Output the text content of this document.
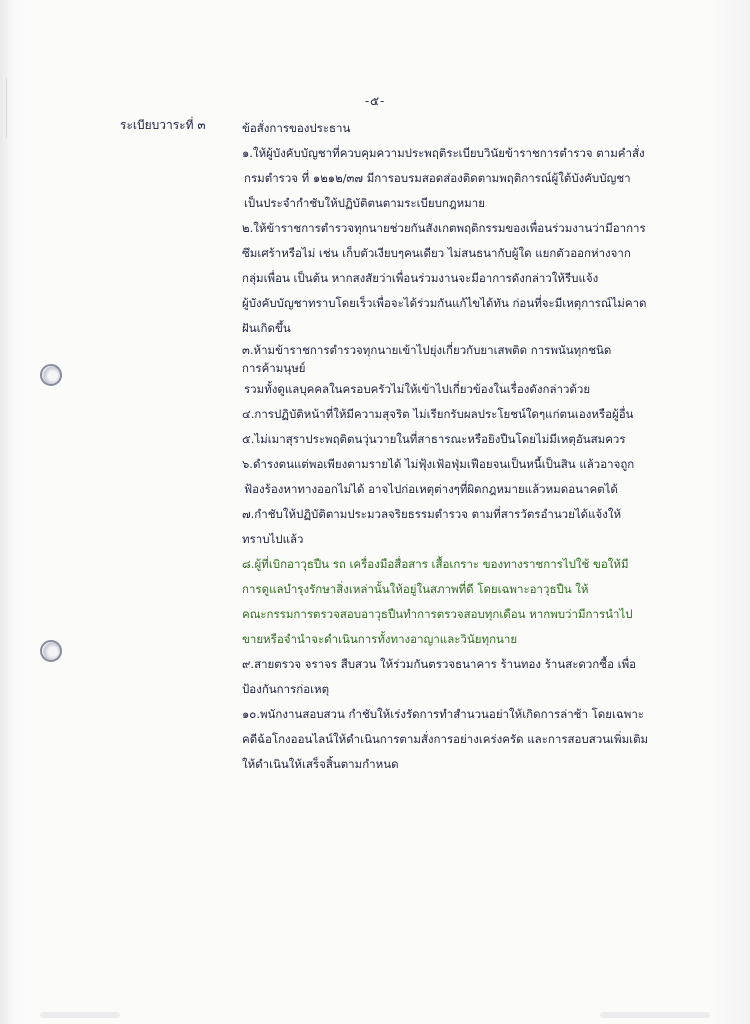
-๕-
ระเบียบวาระที่ ๓	ข้อสั่งการของประธาน
๑.ให้ผู้บังคับบัญชาที่ควบคุมความประพฤติระเบียบวินัยข้าราชการตำรวจ ตามคำสั่ง
กรมตำรวจ ที่ ๑๒๑๒/๓๗ มีการอบรมสอดส่องติดตามพฤติการณ์ผู้ใต้บังคับบัญชา
เป็นประจำกำชับให้ปฏิบัติตนตามระเบียบกฎหมาย
๒.ให้ข้าราชการตำรวจทุกนายช่วยกันสังเกตพฤติกรรมของเพื่อนร่วมงานว่ามีอาการ
ซึมเศร้าหรือไม่ เช่น เก็บตัวเงียบๆคนเดียว ไม่สนธนากับผู้ใด แยกตัวออกห่างจาก
กลุ่มเพื่อน เป็นต้น หากสงสัยว่าเพื่อนร่วมงานจะมีอาการดังกล่าวให้รีบแจ้ง
ผู้บังคับบัญชาทราบโดยเร็วเพื่อจะได้ร่วมกันแก้ไขได้ทัน ก่อนที่จะมีเหตุการณ์ไม่คาด
ฝันเกิดขึ้น
๓.ห้ามข้าราชการตำรวจทุกนายเข้าไปยุ่งเกี่ยวกับยาเสพติด การพนันทุกชนิด
การค้ามนุษย์
รวมทั้งดูแลบุคคลในครอบครัวไม่ให้เข้าไปเกี่ยวข้องในเรื่องดังกล่าวด้วย
๔.การปฏิบัติหน้าที่ให้มีความสุจริต ไม่เรียกรับผลประโยชน์ใดๆแก่ตนเองหรือผู้อื่น
๕.ไม่เมาสุราประพฤติตนวุ่นวายในที่สาธารณะหรือยิงปืนโดยไม่มีเหตุอันสมควร
๖.ดำรงตนแต่พอเพียงตามรายได้ ไม่ฟุ้งเฟ้อฟุ่มเฟือยจนเป็นหนี้เป็นสิน แล้วอาจถูก
ฟ้องร้องหาทางออกไม่ได้ อาจไปก่อเหตุต่างๆที่ผิดกฎหมายแล้วหมดอนาคตได้
๗.กำชับให้ปฏิบัติตามประมวลจริยธรรมตำรวจ ตามที่สารวัตรอำนวยได้แจ้งให้
ทราบไปแล้ว
๘.ผู้ที่เบิกอาวุธปืน รถ เครื่องมือสื่อสาร เสื้อเกราะ ของทางราชการไปใช้ ขอให้มี
การดูแลบำรุงรักษาสิ่งเหล่านั้นให้อยู่ในสภาพที่ดี โดยเฉพาะอาวุธปืน ให้
คณะกรรมการตรวจสอบอาวุธปืนทำการตรวจสอบทุกเดือน หากพบว่ามีการนำไป
ขายหรือจำนำจะดำเนินการทั้งทางอาญาและวินัยทุกนาย
๙.สายตรวจ จราจร สืบสวน ให้ร่วมกันตรวจธนาคาร ร้านทอง ร้านสะดวกซื้อ เพื่อ
ป้องกันการก่อเหตุ
๑๐.พนักงานสอบสวน กำชับให้เร่งรัดการทำสำนวนอย่าให้เกิดการล่าช้า โดยเฉพาะ
คดีฉ้อโกงออนไลน์ให้ดำเนินการตามสั่งการอย่างเคร่งครัด และการสอบสวนเพิ่มเติม
ให้ดำเนินให้เสร็จสิ้นตามกำหนด
